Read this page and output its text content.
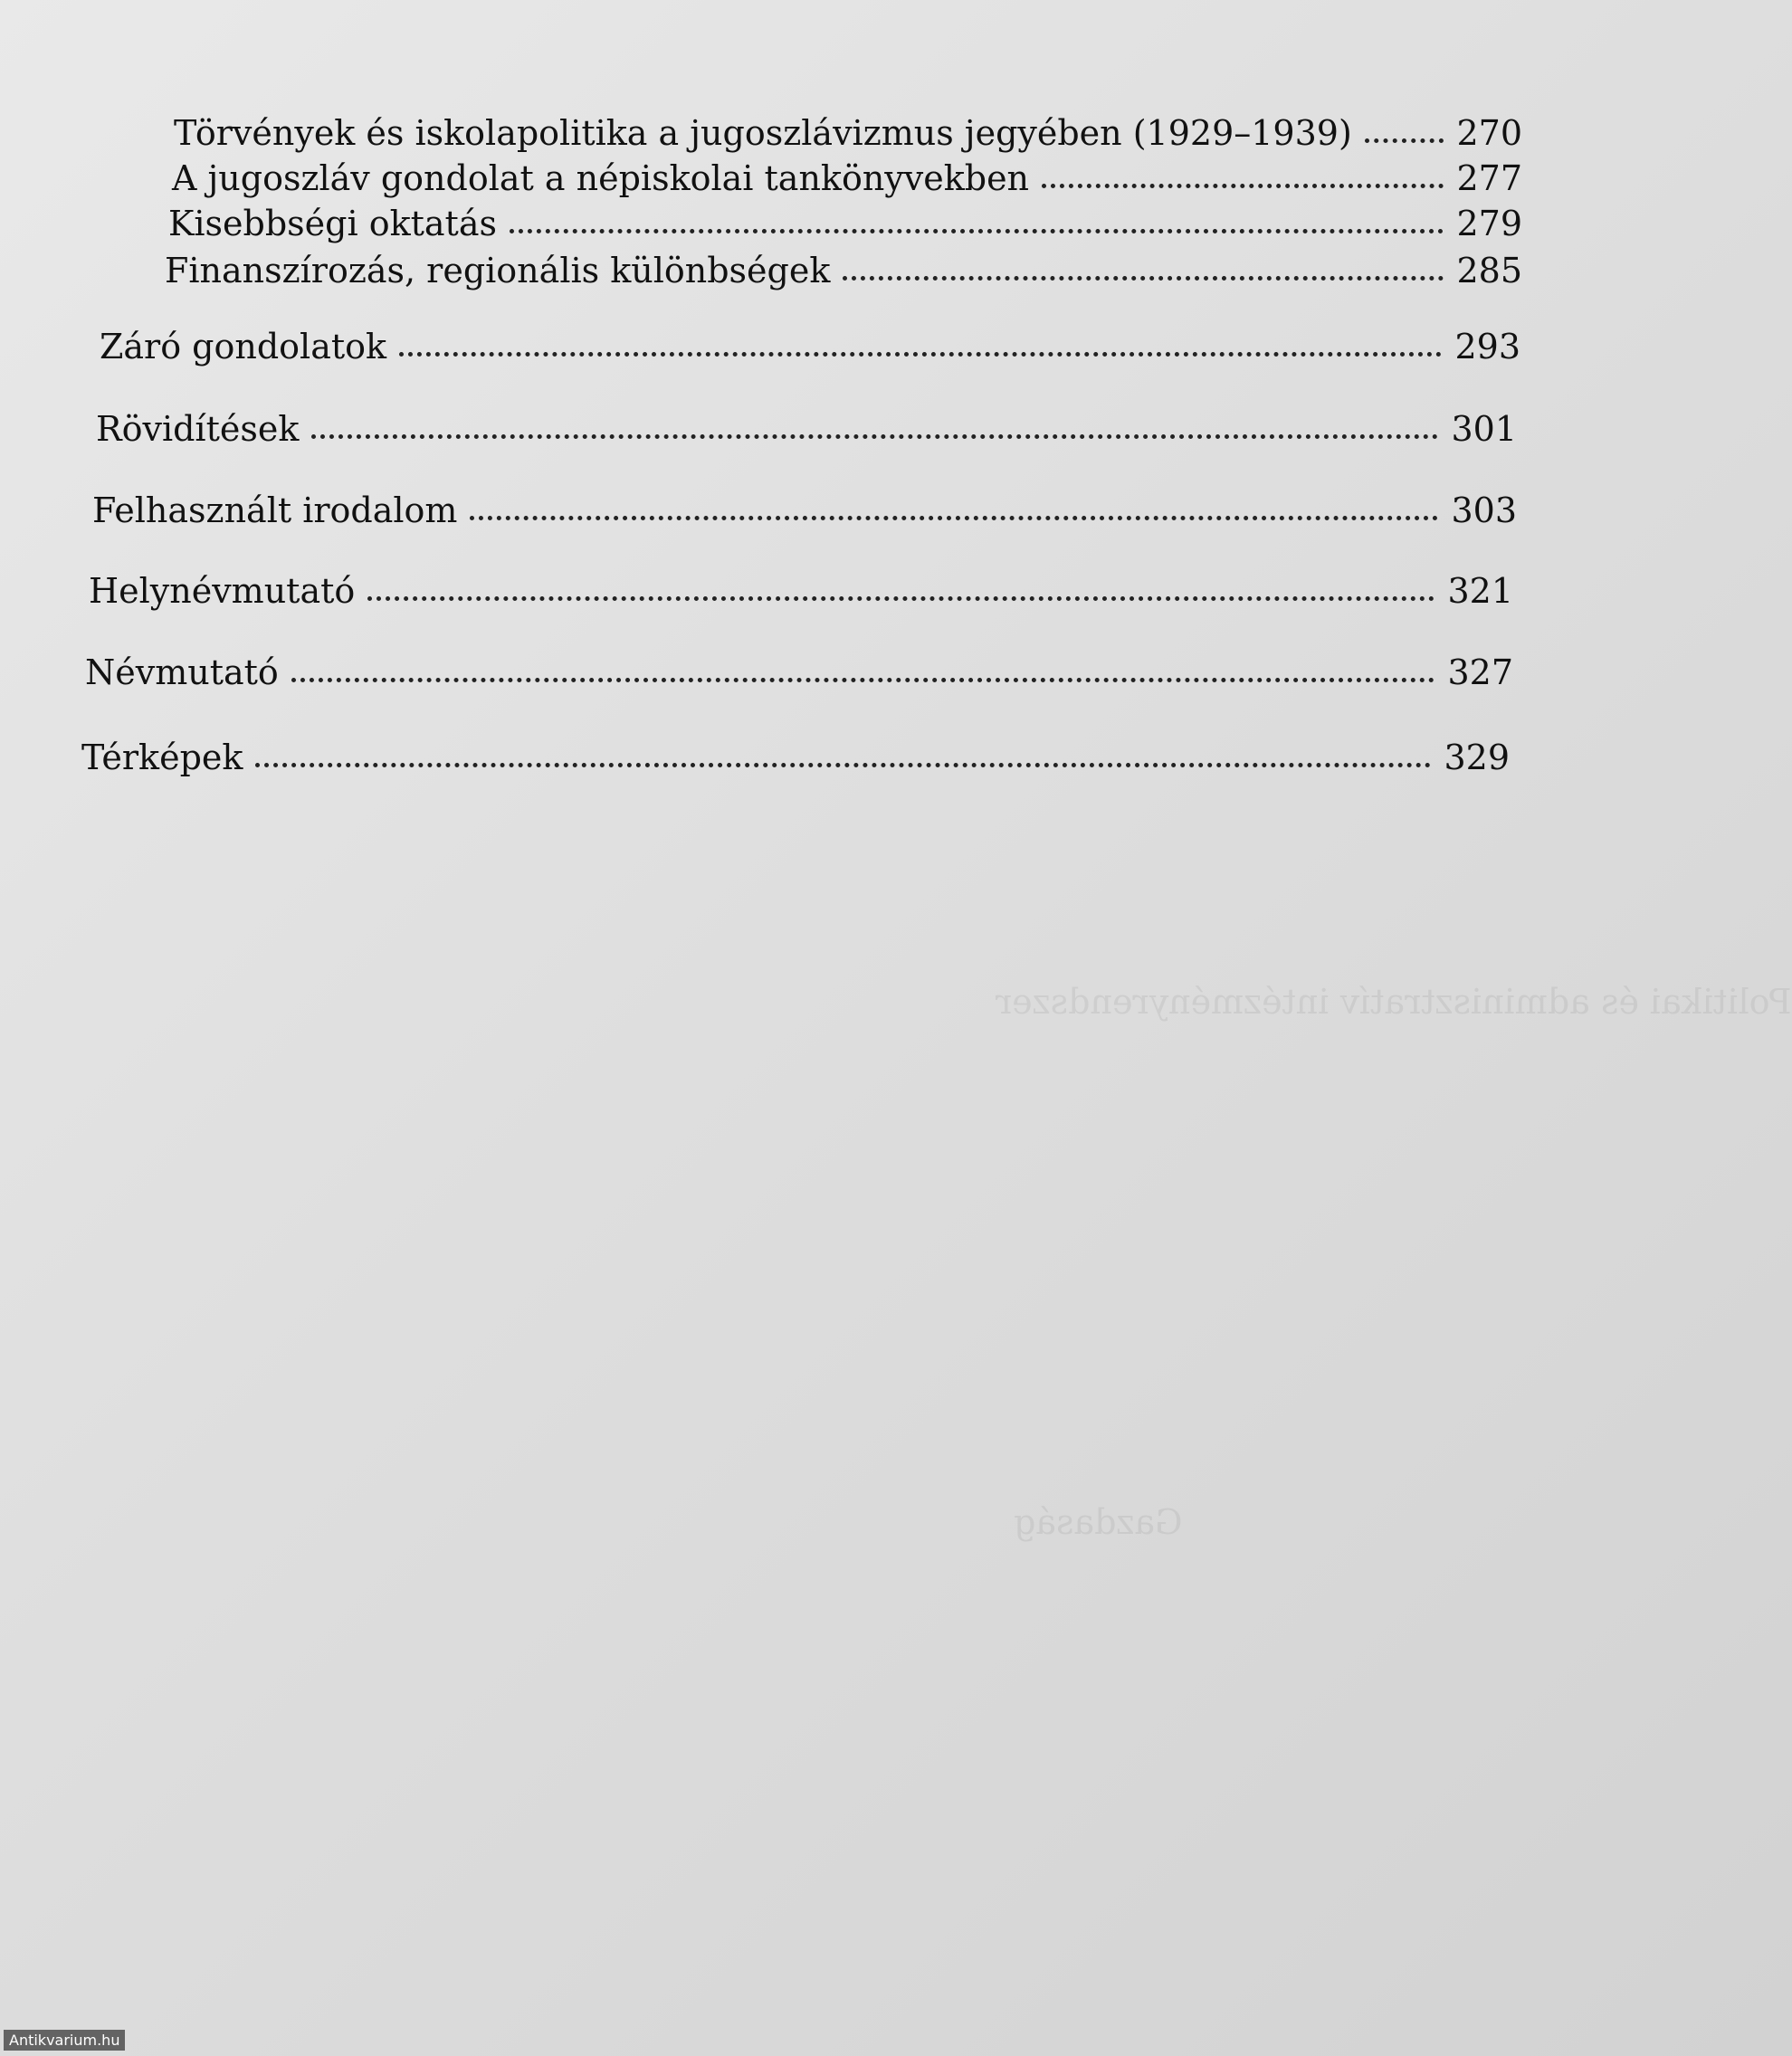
Politikai és adminisztratív intézményrendszer
Gazdaság
Törvények és iskolapolitika a jugoszlávizmus jegyében (1929–1939)	270
A jugoszláv gondolat a népiskolai tankönyvekben	277
Kisebbségi oktatás	279
Finanszírozás, regionális különbségek	285
Záró gondolatok	293
Rövidítések	301
Felhasznált irodalom	303
Helynévmutató	321
Névmutató	327
Térképek	329
Antikvarium.hu
